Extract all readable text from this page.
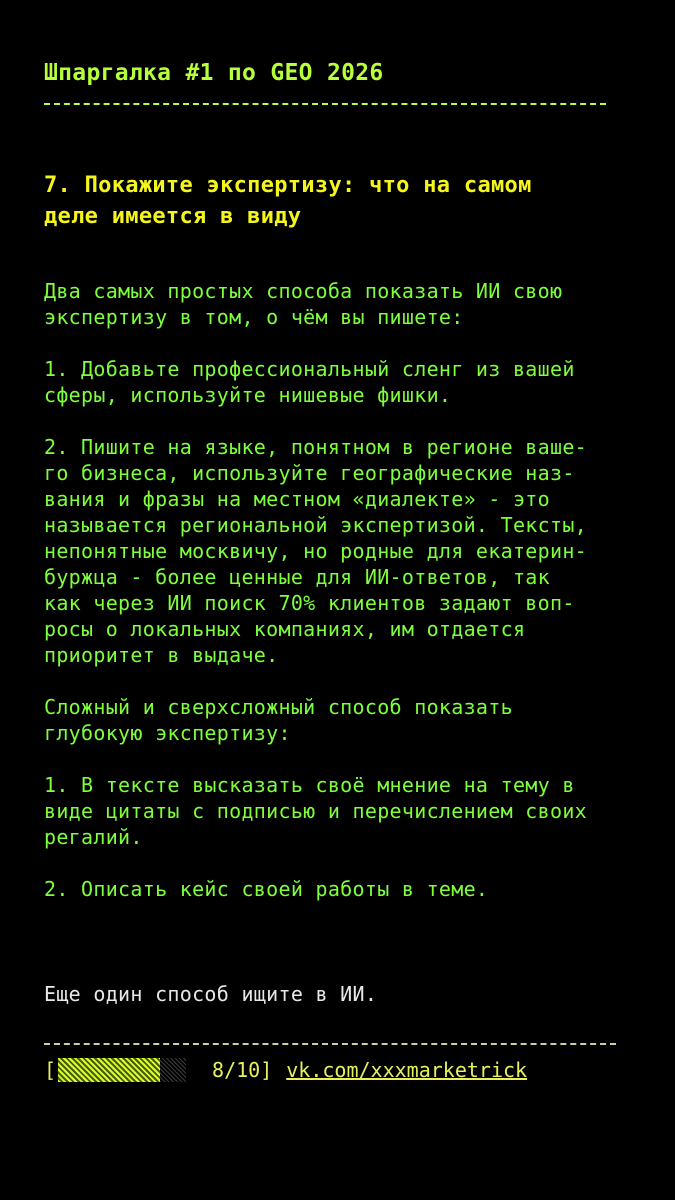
Шпаргалка #1 по GEO 2026
7. Покажите экспертизу: что на самом
деле имеется в виду
Два самых простых способа показать ИИ свою
экспертизу в том, о чём вы пишете:
1. Добавьте профессиональный сленг из вашей
сферы, используйте нишевые фишки.
2. Пишите на языке, понятном в регионе ваше-
го бизнеса, используйте географические наз-
вания и фразы на местном «диалекте» - это
называется региональной экспертизой. Тексты,
непонятные москвичу, но родные для екатерин-
буржца - более ценные для ИИ-ответов, так
как через ИИ поиск 70% клиентов задают воп-
росы о локальных компаниях, им отдается
приоритет в выдаче.
Сложный и сверхсложный способ показать
глубокую экспертизу:
1. В тексте высказать своё мнение на тему в
виде цитаты с подписью и перечислением своих
регалий.
2. Описать кейс своей работы в теме.
Еще один способ ищите в ИИ.
[	8/10] vk.com/xxxmarketrick
